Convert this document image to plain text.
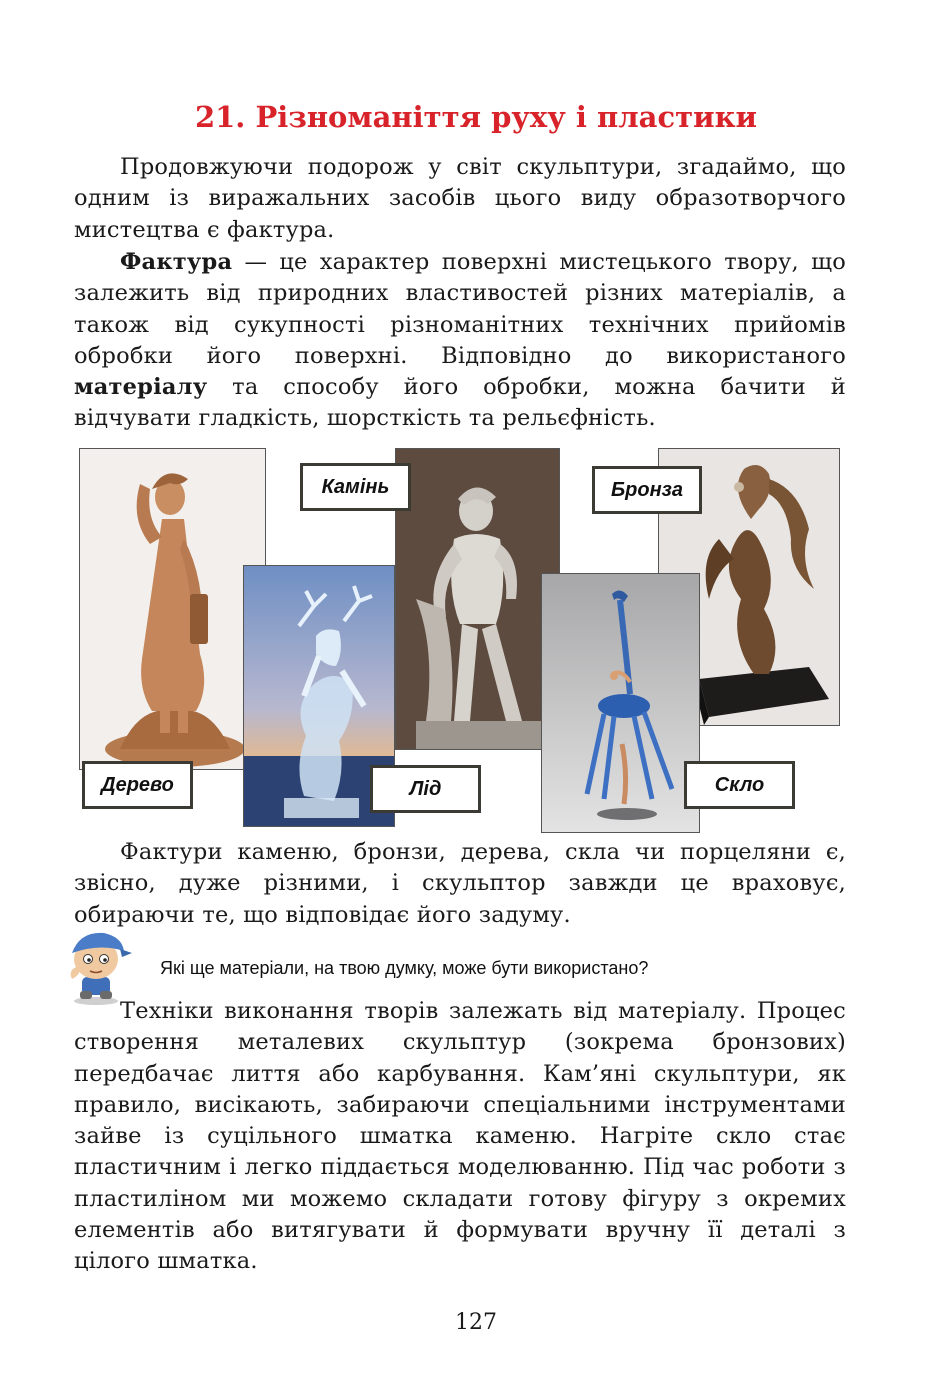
21. Різноманіття руху і пластики

Продовжуючи подорож у світ скульптури, згадаймо, що одним із виражальних засобів цього виду образотворчого мистецтва є фактура.

Фактура — це характер поверхні мистецького твору, що залежить від природних властивостей різних матеріалів, а також від сукупності різноманітних технічних прийомів обробки його поверхні. Відповідно до використаного матеріалу та способу його обробки, можна бачити й відчувати гладкість, шорсткість та рельєфність.

Камінь	Бронза
Дерево	Лід	Скло

Фактури каменю, бронзи, дерева, скла чи порцеляни є, звісно, дуже різними, і скульптор завжди це враховує, обираючи те, що відповідає його задуму.

Які ще матеріали, на твою думку, може бути використано?

Техніки виконання творів залежать від матеріалу. Процес створення металевих скульптур (зокрема бронзових) передбачає лиття або карбування. Кам’яні скульптури, як правило, висікають, забираючи спеціальними інструментами зайве із суцільного шматка каменю. Нагріте скло стає пластичним і легко піддається моделюванню. Під час роботи з пластиліном ми можемо складати готову фігуру з окремих елементів або витягувати й формувати вручну її деталі з цілого шматка.

127
